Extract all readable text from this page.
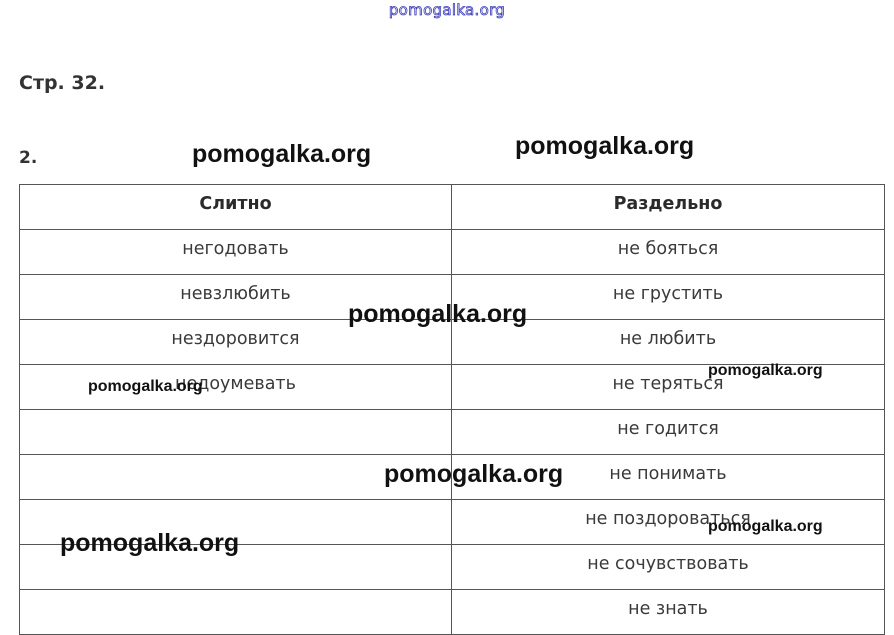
pomogalka.org
Стр. 32.
2.
Слитно	Раздельно
негодовать	не бояться
невзлюбить	не грустить
нездоровится	не любить
недоумевать	не теряться
	не годится
	не понимать
	не поздороваться
	не сочувствовать
	не знать
pomogalka.org	pomogalka.org
pomogalka.org
pomogalka.org
pomogalka.org
pomogalka.org
pomogalka.org
pomogalka.org
